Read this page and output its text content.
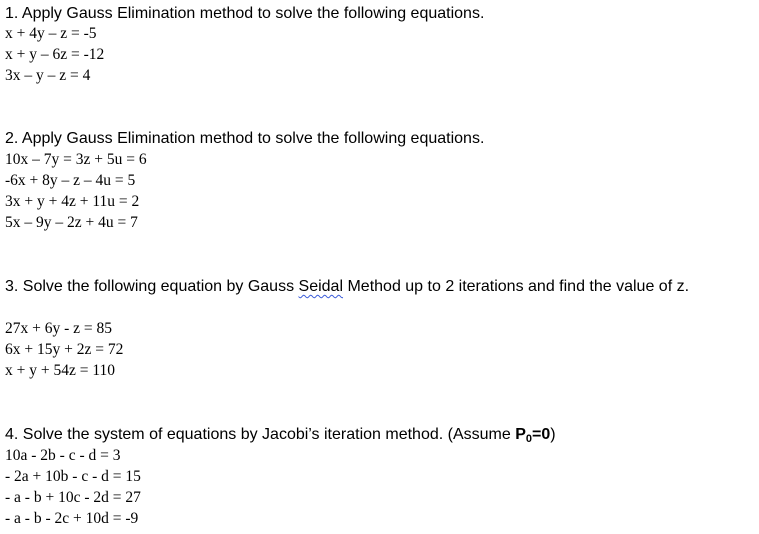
1. Apply Gauss Elimination method to solve the following equations.
x + 4y – z = -5
x + y – 6z = -12
3x – y – z = 4
2. Apply Gauss Elimination method to solve the following equations.
10x – 7y = 3z + 5u = 6
-6x + 8y – z – 4u = 5
3x + y + 4z + 11u = 2
5x – 9y – 2z + 4u = 7
3. Solve the following equation by Gauss Seidal Method up to 2 iterations and find the value of z.
27x + 6y - z = 85
6x + 15y + 2z = 72
x + y + 54z = 110
4. Solve the system of equations by Jacobi’s iteration method. (Assume $P_0=0$)
10a - 2b - c - d = 3
- 2a + 10b - c - d = 15
- a - b + 10c - 2d = 27
- a - b - 2c + 10d = -9
